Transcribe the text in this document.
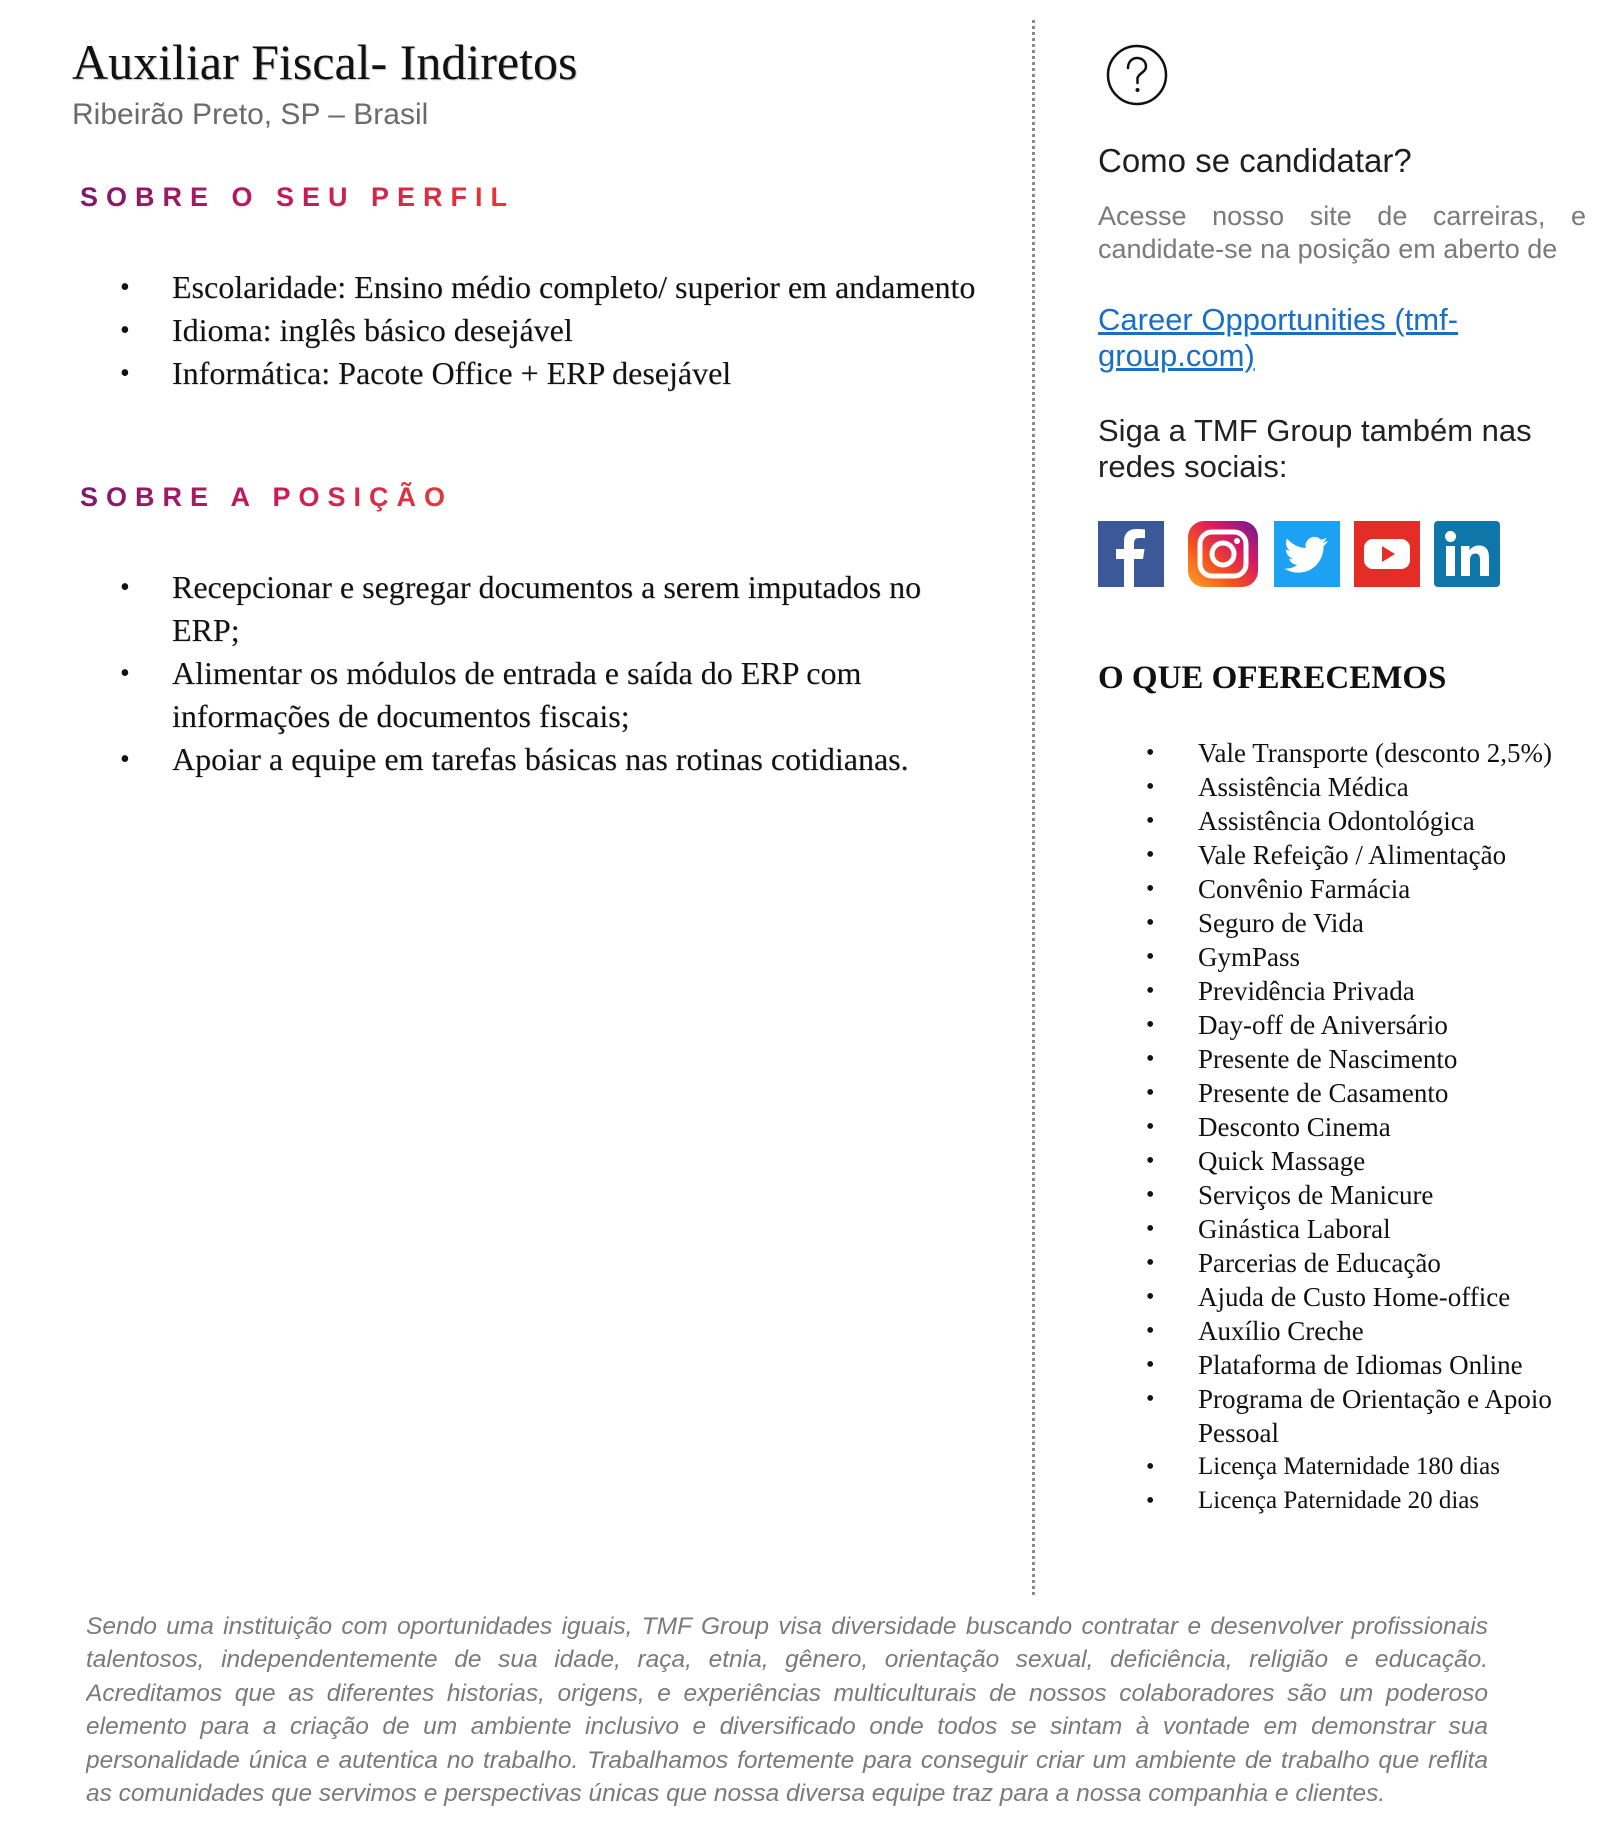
Auxiliar Fiscal- Indiretos
Ribeirão Preto, SP – Brasil
SOBRE O SEU PERFIL
• Escolaridade: Ensino médio completo/ superior em andamento
• Idioma: inglês básico desejável
• Informática: Pacote Office + ERP desejável
SOBRE A POSIÇÃO
• Recepcionar e segregar documentos a serem imputados no ERP;
• Alimentar os módulos de entrada e saída do ERP com informações de documentos fiscais;
• Apoiar a equipe em tarefas básicas nas rotinas cotidianas.
Como se candidatar?
Acesse nosso site de carreiras, e candidate-se na posição em aberto de
Career Opportunities (tmf-group.com)
Siga a TMF Group também nas redes sociais:
O QUE OFERECEMOS
• Vale Transporte (desconto 2,5%)
• Assistência Médica
• Assistência Odontológica
• Vale Refeição / Alimentação
• Convênio Farmácia
• Seguro de Vida
• GymPass
• Previdência Privada
• Day-off de Aniversário
• Presente de Nascimento
• Presente de Casamento
• Desconto Cinema
• Quick Massage
• Serviços de Manicure
• Ginástica Laboral
• Parcerias de Educação
• Ajuda de Custo Home-office
• Auxílio Creche
• Plataforma de Idiomas Online
• Programa de Orientação e Apoio Pessoal
• Licença Maternidade 180 dias
• Licença Paternidade 20 dias
Sendo uma instituição com oportunidades iguais, TMF Group visa diversidade buscando contratar e desenvolver profissionais talentosos, independentemente de sua idade, raça, etnia, gênero, orientação sexual, deficiência, religião e educação. Acreditamos que as diferentes historias, origens, e experiências multiculturais de nossos colaboradores são um poderoso elemento para a criação de um ambiente inclusivo e diversificado onde todos se sintam à vontade em demonstrar sua personalidade única e autentica no trabalho. Trabalhamos fortemente para conseguir criar um ambiente de trabalho que reflita as comunidades que servimos e perspectivas únicas que nossa diversa equipe traz para a nossa companhia e clientes.
